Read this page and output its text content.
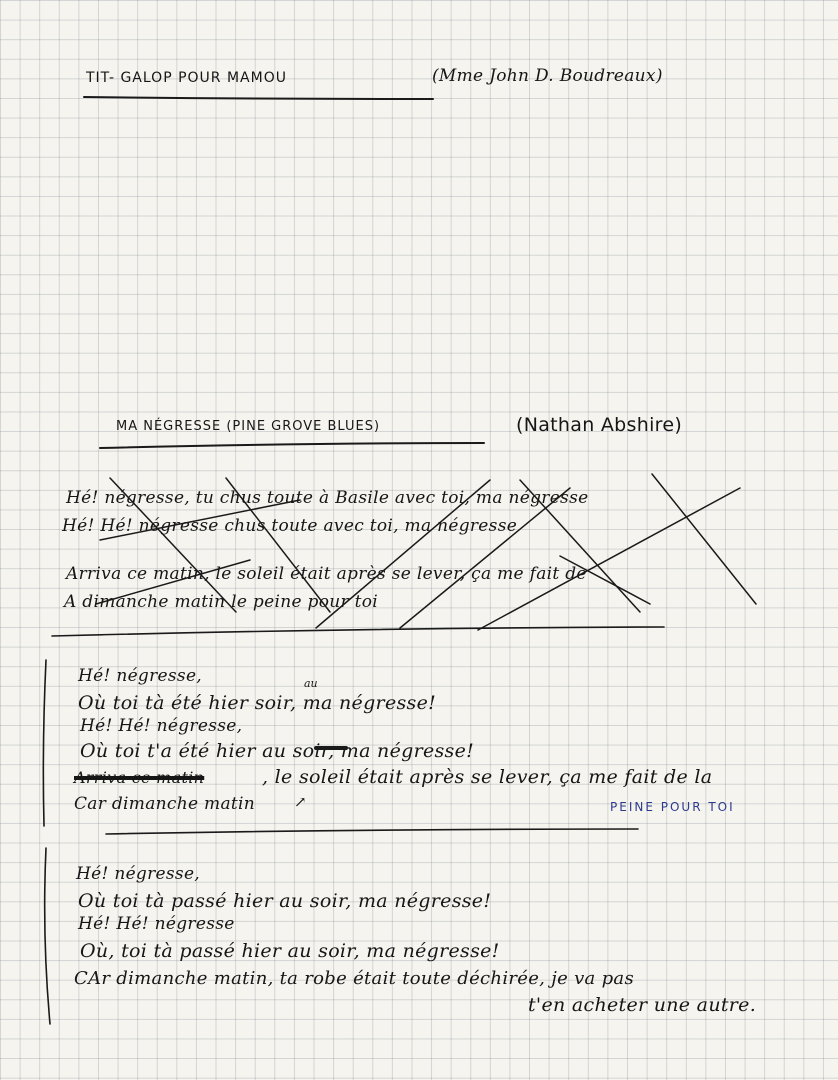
TIT- GALOP POUR MAMOU	(Mme John D. Boudreaux)
MA NÉGRESSE (PINE GROVE BLUES)	(Nathan Abshire)
Hé! négresse, tu chus toute à Basile avec toi, ma négresse
Hé! Hé! négresse chus toute avec toi, ma négresse
Arriva ce matin, le soleil était après se lever, ça me fait de
A dimanche matin le peine pour toi
Hé! négresse,	au
Où toi tà été hier soir, ma négresse!
Hé! Hé! négresse,
Où toi t'a été hier au soir, ma négresse!
Arriva ce matin	, le soleil était après se lever, ça me fait de la
Car dimanche matin	↗	PEINE POUR TOI
Hé! négresse,
Où toi tà passé hier au soir, ma négresse!
Hé! Hé! négresse
Où, toi tà passé hier au soir, ma négresse!
CAr dimanche matin, ta robe était toute déchirée, je va pas
t'en acheter une autre.
